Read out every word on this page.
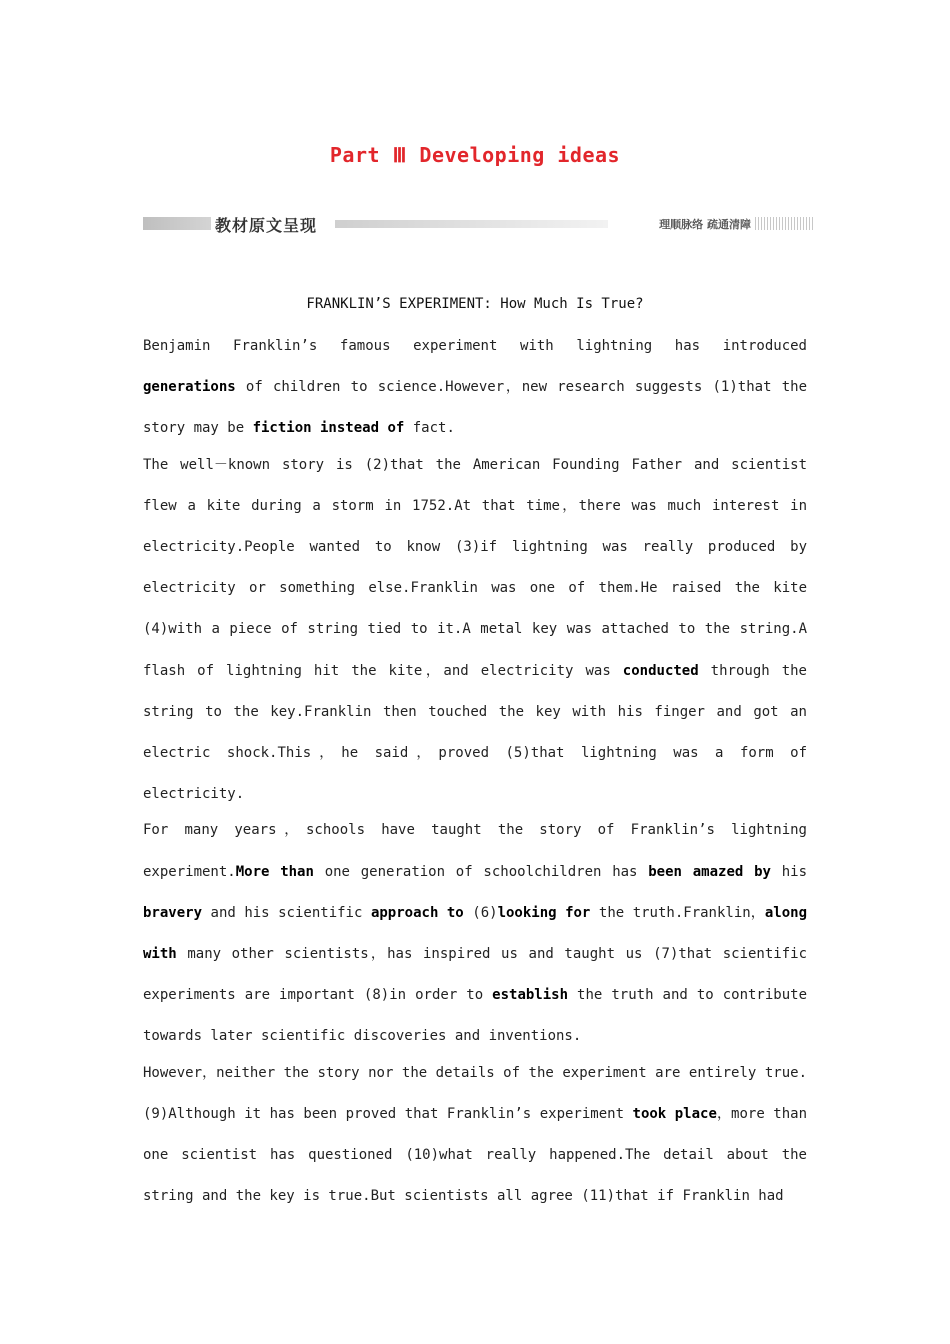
Part Ⅲ Developing ideas
教材原文呈现	理顺脉络 疏通清障
FRANKLIN’S EXPERIMENT: How Much Is True?

Benjamin Franklin’s famous experiment with lightning has introduced generations of children to science.However，new research suggests (1)that the story may be fiction instead of fact.

The well－known story is (2)that the American Founding Father and scientist flew a kite during a storm in 1752.At that time，there was much interest in electricity.People wanted to know (3)if lightning was really produced by electricity or something else.Franklin was one of them.He raised the kite (4)with a piece of string tied to it.A metal key was attached to the string.A flash of lightning hit the kite，and electricity was conducted through the string to the key.Franklin then touched the key with his finger and got an electric shock.This，he said，proved (5)that lightning was a form of electricity.

For many years，schools have taught the story of Franklin’s lightning experiment.More than one generation of schoolchildren has been amazed by his bravery and his scientific approach to (6)looking for the truth.Franklin，along with many other scientists，has inspired us and taught us (7)that scientific experiments are important (8)in order to establish the truth and to contribute towards later scientific discoveries and inventions.

However，neither the story nor the details of the experiment are entirely true.(9)Although it has been proved that Franklin’s experiment took place，more than one scientist has questioned (10)what really happened.The detail about the string and the key is true.But scientists all agree (11)that if Franklin had
